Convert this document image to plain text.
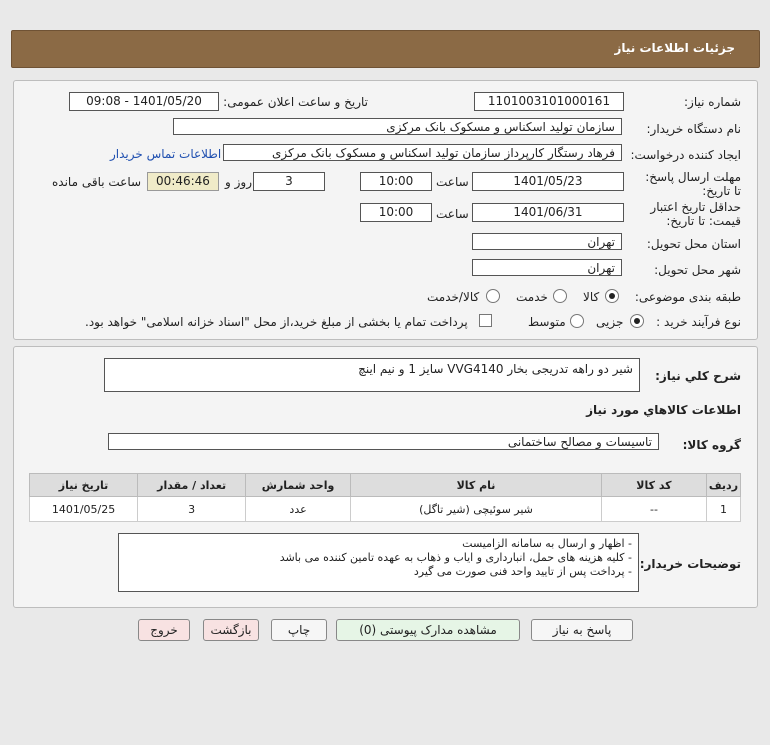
جزئیات اطلاعات نیاز
شماره نیاز:
1101003101000161
تاریخ و ساعت اعلان عمومی:
1401/05/20 - 09:08
نام دستگاه خریدار:
سازمان تولید اسکناس و مسکوک بانک مرکزی
ایجاد کننده درخواست:
فرهاد رستگار کارپرداز سازمان تولید اسکناس و مسکوک بانک مرکزی
اطلاعات تماس خریدار
مهلت ارسال پاسخ: تا تاریخ:
1401/05/23
ساعت
10:00
3
روز و
00:46:46
ساعت باقی مانده
حداقل تاریخ اعتبار قیمت: تا تاریخ:
1401/06/31
ساعت
10:00
استان محل تحویل:
تهران
شهر محل تحویل:
تهران
طبقه بندی موضوعی:
کالا
خدمت
کالا/خدمت
نوع فرآیند خرید :
جزیی
متوسط
پرداخت تمام یا بخشی از مبلغ خرید،از محل "اسناد خزانه اسلامی" خواهد بود.
شرح کلي نياز:
شیر دو راهه تدریجی بخار VVG4140 سایز 1 و نیم اینچ
اطلاعات کالاهاي مورد نياز
گروه کالا:
تاسیسات و مصالح ساختمانی
ردیف	کد کالا	نام کالا	واحد شمارش	تعداد / مقدار	تاریخ نیاز
1	--	شیر سوئیچی (شیر تاگل)	عدد	3	1401/05/25
توضیحات خریدار:
- اظهار و ارسال به سامانه الزامیست
- کلیه هزینه های حمل، انبارداری و ایاب و ذهاب به عهده تامین کننده می باشد
- پرداخت پس از تایید واحد فنی صورت می گیرد
پاسخ به نیاز
مشاهده مدارک پیوستی (0)
چاپ
بازگشت
خروج
